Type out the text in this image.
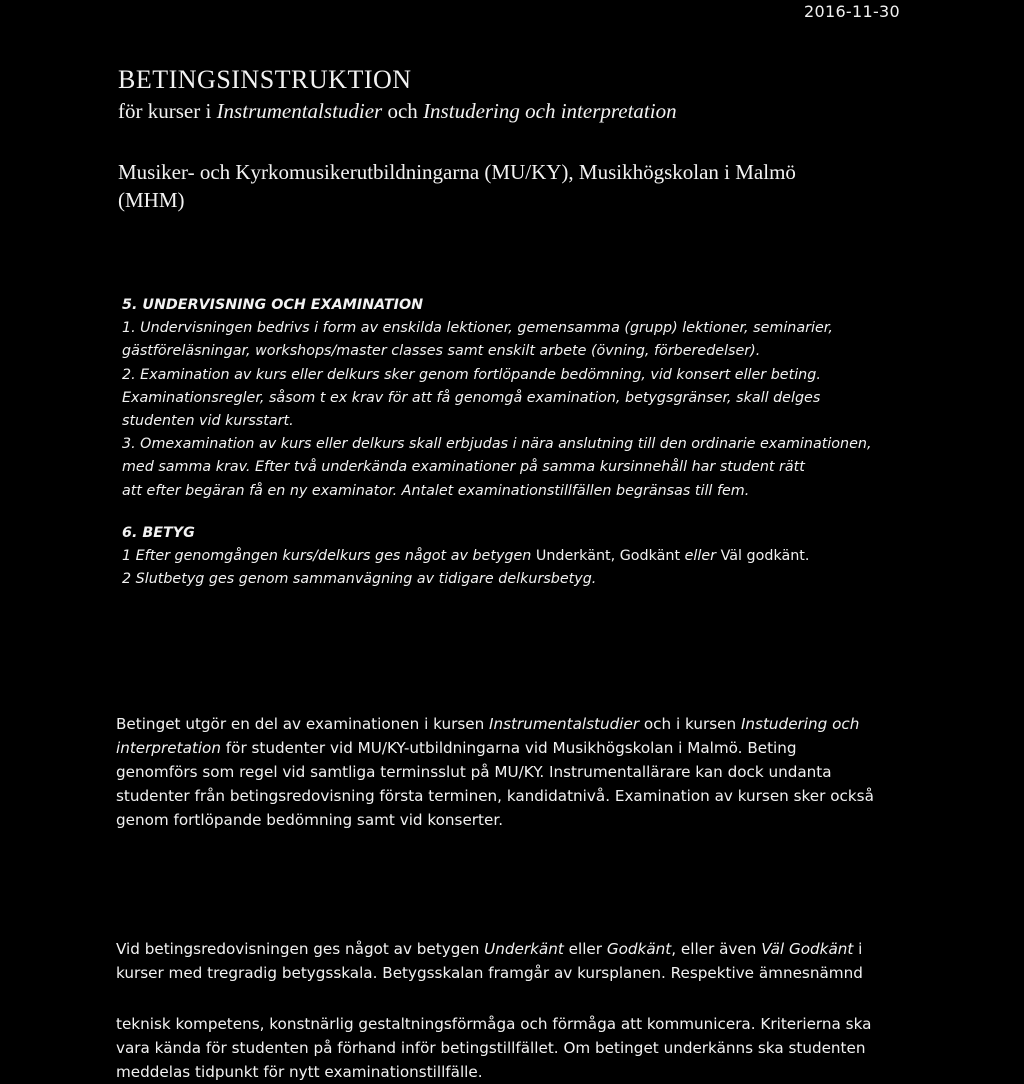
2016-11-30
BETINGSINSTRUKTION

för kurser i Instrumentalstudier och Instudering och interpretation

Musiker- och Kyrkomusikerutbildningarna (MU/KY), Musikhögskolan i Malmö
(MHM)

5. UNDERVISNING OCH EXAMINATION
1. Undervisningen bedrivs i form av enskilda lektioner, gemensamma (grupp) lektioner, seminarier,
gästföreläsningar, workshops/master classes samt enskilt arbete (övning, förberedelser).
2. Examination av kurs eller delkurs sker genom fortlöpande bedömning, vid konsert eller beting.
Examinationsregler, såsom t ex krav för att få genomgå examination, betygsgränser, skall delges
studenten vid kursstart.
3. Omexamination av kurs eller delkurs skall erbjudas i nära anslutning till den ordinarie examinationen,
med samma krav. Efter två underkända examinationer på samma kursinnehåll har student rätt
att efter begäran få en ny examinator. Antalet examinationstillfällen begränsas till fem.
6. BETYG
1 Efter genomgången kurs/delkurs ges något av betygen Underkänt, Godkänt eller Väl godkänt.
2 Slutbetyg ges genom sammanvägning av tidigare delkursbetyg.
Betinget utgör en del av examinationen i kursen Instrumentalstudier och i kursen Instudering och
interpretation för studenter vid MU/KY-utbildningarna vid Musikhögskolan i Malmö. Beting
genomförs som regel vid samtliga terminsslut på MU/KY. Instrumentallärare kan dock undanta
studenter från betingsredovisning första terminen, kandidatnivå. Examination av kursen sker också
genom fortlöpande bedömning samt vid konserter.
Vid betingsredovisningen ges något av betygen Underkänt eller Godkänt, eller även Väl Godkänt i
kurser med tregradig betygsskala. Betygsskalan framgår av kursplanen. Respektive ämnesnämnd
teknisk kompetens, konstnärlig gestaltningsförmåga och förmåga att kommunicera. Kriterierna ska
vara kända för studenten på förhand inför betingstillfället. Om betinget underkänns ska studenten
meddelas tidpunkt för nytt examinationstillfälle.
